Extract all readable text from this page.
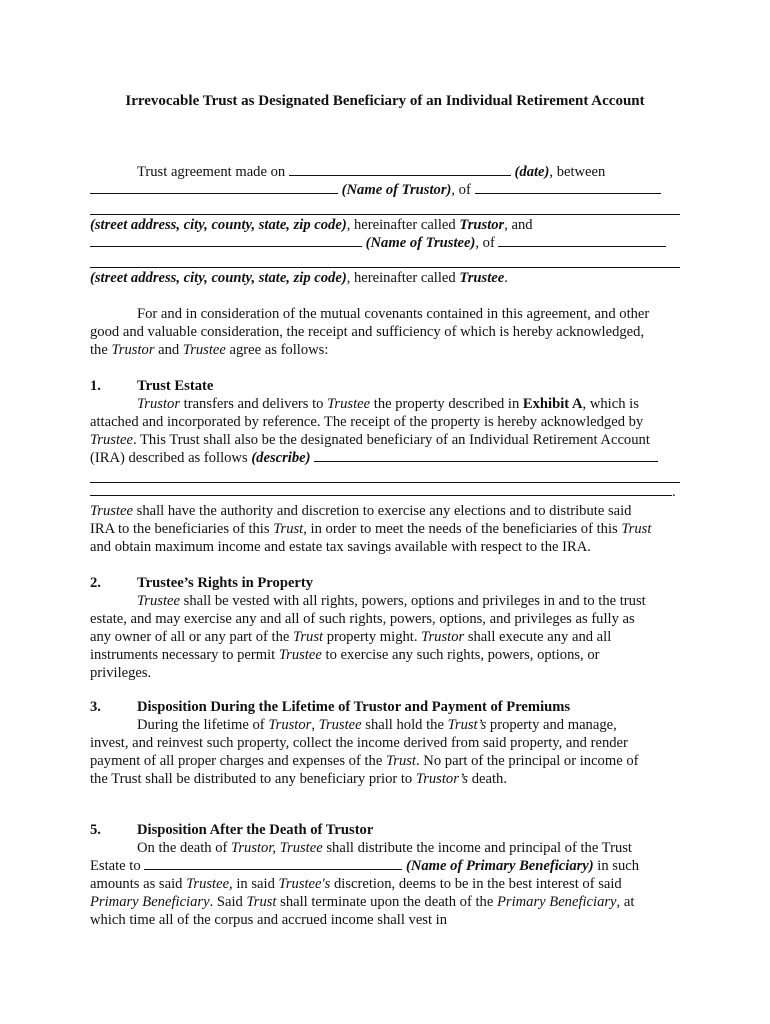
Irrevocable Trust as Designated Beneficiary of an Individual Retirement Account
Trust agreement made on	(date), between
(Name of Trustor), of
(street address, city, county, state, zip code), hereinafter called Trustor, and
(Name of Trustee), of
(street address, city, county, state, zip code), hereinafter called Trustee.
For and in consideration of the mutual covenants contained in this agreement, and other
good and valuable consideration, the receipt and sufficiency of which is hereby acknowledged,
the Trustor and Trustee agree as follows:
1. Trust Estate
Trustor transfers and delivers to Trustee the property described in Exhibit A, which is
attached and incorporated by reference. The receipt of the property is hereby acknowledged by
Trustee. This Trust shall also be the designated beneficiary of an Individual Retirement Account
(IRA) described as follows (describe)
.
Trustee shall have the authority and discretion to exercise any elections and to distribute said
IRA to the beneficiaries of this Trust, in order to meet the needs of the beneficiaries of this Trust
and obtain maximum income and estate tax savings available with respect to the IRA.
2. Trustee’s Rights in Property
Trustee shall be vested with all rights, powers, options and privileges in and to the trust
estate, and may exercise any and all of such rights, powers, options, and privileges as fully as
any owner of all or any part of the Trust property might. Trustor shall execute any and all
instruments necessary to permit Trustee to exercise any such rights, powers, options, or
privileges.
3. Disposition During the Lifetime of Trustor and Payment of Premiums
During the lifetime of Trustor, Trustee shall hold the Trust’s property and manage,
invest, and reinvest such property, collect the income derived from said property, and render
payment of all proper charges and expenses of the Trust. No part of the principal or income of
the Trust shall be distributed to any beneficiary prior to Trustor’s death.
5. Disposition After the Death of Trustor
On the death of Trustor, Trustee shall distribute the income and principal of the Trust
Estate to	(Name of Primary Beneficiary) in such
amounts as said Trustee, in said Trustee's discretion, deems to be in the best interest of said
Primary Beneficiary. Said Trust shall terminate upon the death of the Primary Beneficiary, at
which time all of the corpus and accrued income shall vest in
